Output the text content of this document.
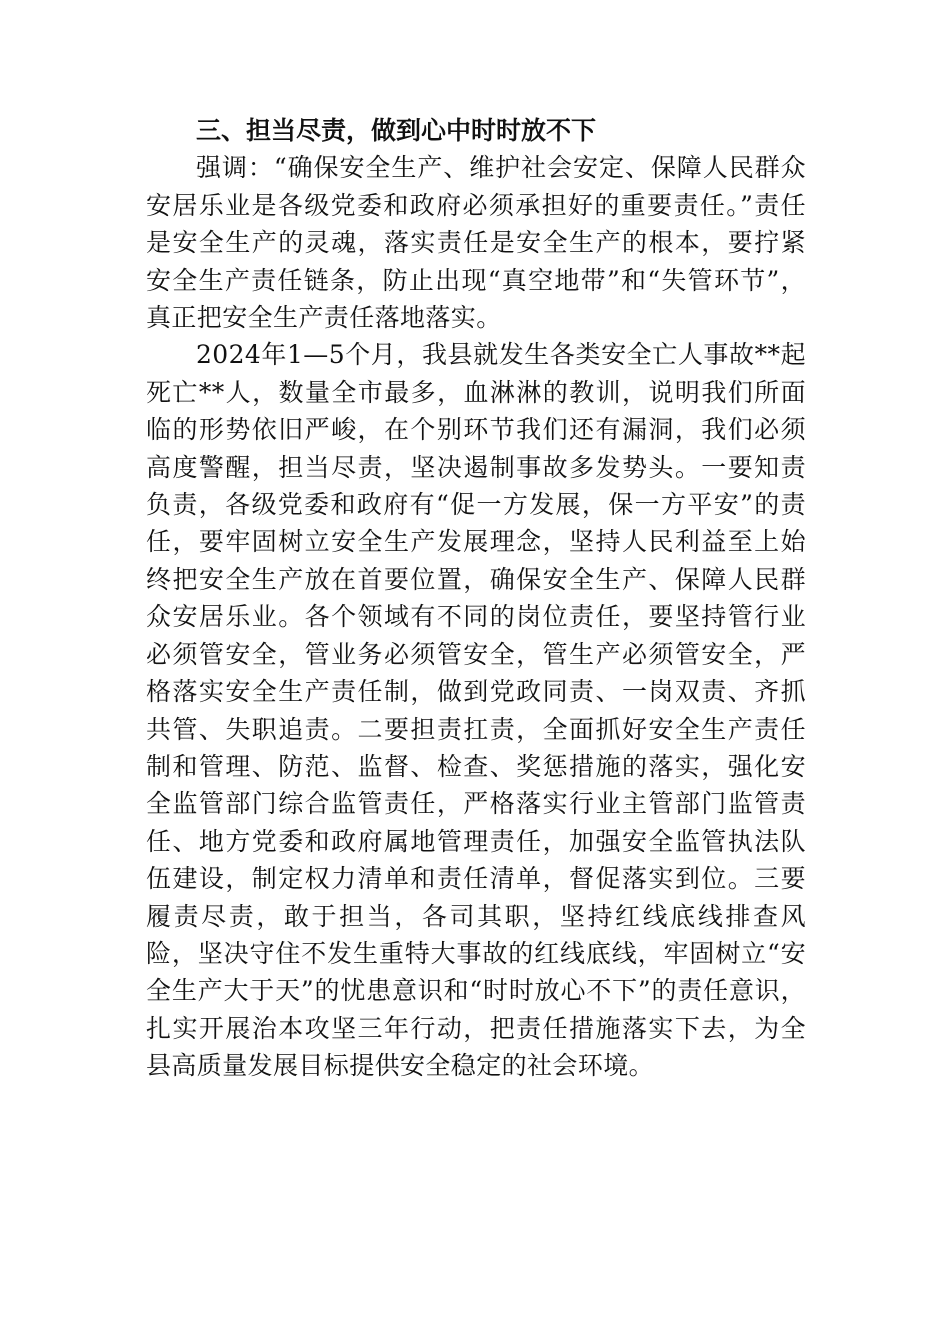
三、担当尽责，做到心中时时放不下

强调：“确保安全生产、维护社会安定、保障人民群众安居乐业是各级党委和政府必须承担好的重要责任。”责任是安全生产的灵魂，落实责任是安全生产的根本，要拧紧安全生产责任链条，防止出现“真空地带”和“失管环节”，真正把安全生产责任落地落实。

2024年1—5个月，我县就发生各类安全亡人事故**起死亡**人，数量全市最多，血淋淋的教训，说明我们所面临的形势依旧严峻，在个别环节我们还有漏洞，我们必须高度警醒，担当尽责，坚决遏制事故多发势头。一要知责负责，各级党委和政府有“促一方发展，保一方平安”的责任，要牢固树立安全生产发展理念，坚持人民利益至上始终把安全生产放在首要位置，确保安全生产、保障人民群众安居乐业。各个领域有不同的岗位责任，要坚持管行业必须管安全，管业务必须管安全，管生产必须管安全，严格落实安全生产责任制，做到党政同责、一岗双责、齐抓共管、失职追责。二要担责扛责，全面抓好安全生产责任制和管理、防范、监督、检查、奖惩措施的落实，强化安全监管部门综合监管责任，严格落实行业主管部门监管责任、地方党委和政府属地管理责任，加强安全监管执法队伍建设，制定权力清单和责任清单，督促落实到位。三要履责尽责，敢于担当，各司其职，坚持红线底线排查风险，坚决守住不发生重特大事故的红线底线，牢固树立“安全生产大于天”的忧患意识和“时时放心不下”的责任意识，扎实开展治本攻坚三年行动，把责任措施落实下去，为全县高质量发展目标提供安全稳定的社会环境。
